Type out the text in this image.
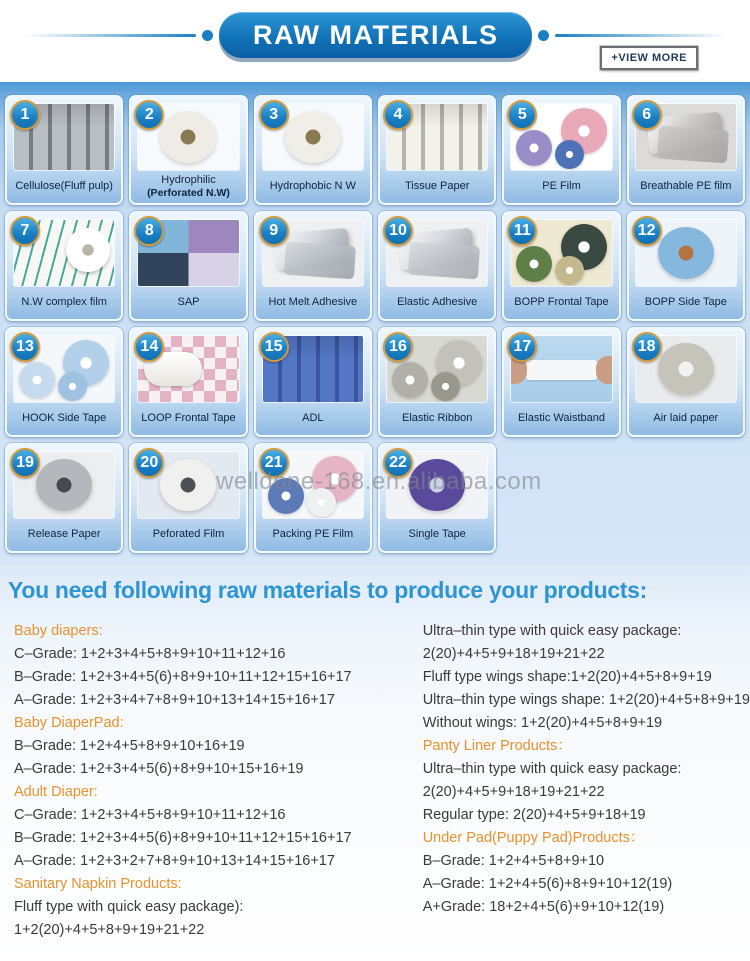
RAW MATERIALS
+VIEW MORE
1
Cellulose(Fluff pulp)
2
Hydrophilic
(Perforated N.W)
3
Hydrophobic N W
4
Tissue Paper
5
PE Film
6
Breathable PE film
7
N.W complex film
8
SAP
9
Hot Melt Adhesive
10
Elastic Adhesive
11
BOPP Frontal Tape
12
BOPP Side Tape
13
HOOK Side Tape
14
LOOP Frontal Tape
15
ADL
16
Elastic Ribbon
17
Elastic Waistband
18
Air laid paper
19
Release Paper
20
Peforated Film
21
Packing PE Film
22
Single Tape
welldone-168.en.alibaba.com
You need following raw materials to produce your products:
Baby diapers:
C–Grade: 1+2+3+4+5+8+9+10+11+12+16
B–Grade: 1+2+3+4+5(6)+8+9+10+11+12+15+16+17
A–Grade: 1+2+3+4+7+8+9+10+13+14+15+16+17
Baby DiaperPad:
B–Grade: 1+2+4+5+8+9+10+16+19
A–Grade: 1+2+3+4+5(6)+8+9+10+15+16+19
Adult Diaper:
C–Grade: 1+2+3+4+5+8+9+10+11+12+16
B–Grade: 1+2+3+4+5(6)+8+9+10+11+12+15+16+17
A–Grade: 1+2+3+2+7+8+9+10+13+14+15+16+17
Sanitary Napkin Products:
Fluff type with quick easy package):
1+2(20)+4+5+8+9+19+21+22
Ultra–thin type with quick easy package:
2(20)+4+5+9+18+19+21+22
Fluff type wings shape:1+2(20)+4+5+8+9+19
Ultra–thin type wings shape: 1+2(20)+4+5+8+9+19
Without wings: 1+2(20)+4+5+8+9+19
Panty Liner Products：
Ultra–thin type with quick easy package:
2(20)+4+5+9+18+19+21+22
Regular type: 2(20)+4+5+9+18+19
Under Pad(Puppy Pad)Products：
B–Grade: 1+2+4+5+8+9+10
A–Grade: 1+2+4+5(6)+8+9+10+12(19)
A+Grade: 18+2+4+5(6)+9+10+12(19)
